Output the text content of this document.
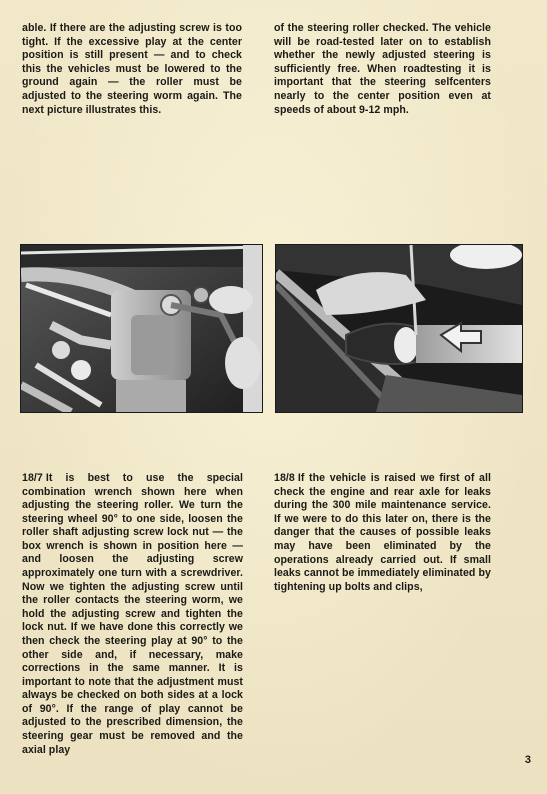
able. If there are the adjusting screw is too tight. If the excessive play at the center position is still present — and to check this the vehicles must be lowered to the ground again — the roller must be adjusted to the steering worm again. The next picture illustrates this.

of the steering roller checked. The vehicle will be road-tested later on to establish whether the newly adjusted steering is sufficiently free. When roadtesting it is important that the steering selfcenters nearly to the center position even at speeds of about 9-12 mph.

18/7 It is best to use the special combination wrench shown here when adjusting the steering roller. We turn the steering wheel 90° to one side, loosen the roller shaft adjusting screw lock nut — the box wrench is shown in position here — and loosen the adjusting screw approximately one turn with a screwdriver. Now we tighten the adjusting screw until the roller contacts the steering worm, we hold the adjusting screw and tighten the lock nut. If we have done this correctly we then check the steering play at 90° to the other side and, if necessary, make corrections in the same manner. It is important to note that the adjustment must always be checked on both sides at a lock of 90°. If the range of play cannot be adjusted to the prescribed dimension, the steering gear must be removed and the axial play

18/8 If the vehicle is raised we first of all check the engine and rear axle for leaks during the 300 mile maintenance service. If we were to do this later on, there is the danger that the causes of possible leaks may have been eliminated by the operations already carried out. If small leaks cannot be immediately eliminated by tightening up bolts and clips,

3
